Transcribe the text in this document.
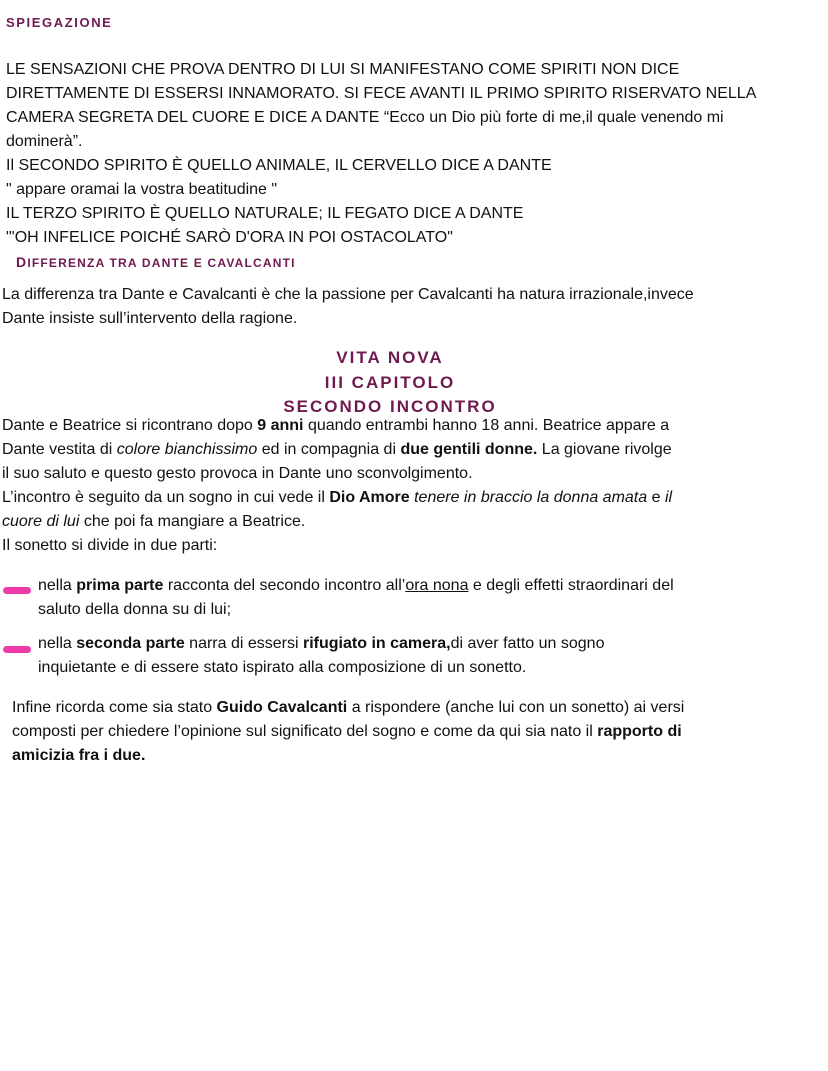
SPIEGAZIONE
LE SENSAZIONI CHE PROVA DENTRO DI LUI SI MANIFESTANO COME SPIRITI NON DICE
DIRETTAMENTE DI ESSERSI INNAMORATO. SI FECE AVANTI IL PRIMO SPIRITO RISERVATO NELLA
CAMERA SEGRETA DEL CUORE E DICE A DANTE “Ecco un Dio più forte di me,il quale venendo mi
dominerà”.
Il SECONDO SPIRITO È QUELLO ANIMALE, IL CERVELLO DICE A DANTE
" appare oramai la vostra beatitudine "
IL TERZO SPIRITO È QUELLO NATURALE; IL FEGATO DICE A DANTE
"'OH INFELICE POICHÉ SARÒ D'ORA IN POI OSTACOLATO"
DIFFERENZA TRA DANTE E CAVALCANTI
La differenza tra Dante e Cavalcanti è che la passione per Cavalcanti ha natura irrazionale,invece
Dante insiste sull’intervento della ragione.
VITA NOVA
III CAPITOLO
SECONDO INCONTRO
Dante e Beatrice si ricontrano dopo 9 anni quando entrambi hanno 18 anni. Beatrice appare a
Dante vestita di colore bianchissimo ed in compagnia di due gentili donne. La giovane rivolge
il suo saluto e questo gesto provoca in Dante uno sconvolgimento.
L’incontro è seguito da un sogno in cui vede il Dio Amore tenere in braccio la donna amata e il
cuore di lui che poi fa mangiare a Beatrice.
Il sonetto si divide in due parti:
nella prima parte racconta del secondo incontro all’ora nona e degli effetti straordinari del
saluto della donna su di lui;
nella seconda parte narra di essersi rifugiato in camera,di aver fatto un sogno
inquietante e di essere stato ispirato alla composizione di un sonetto.
Infine ricorda come sia stato Guido Cavalcanti a rispondere (anche lui con un sonetto) ai versi
composti per chiedere l’opinione sul significato del sogno e come da qui sia nato il rapporto di
amicizia fra i due.
